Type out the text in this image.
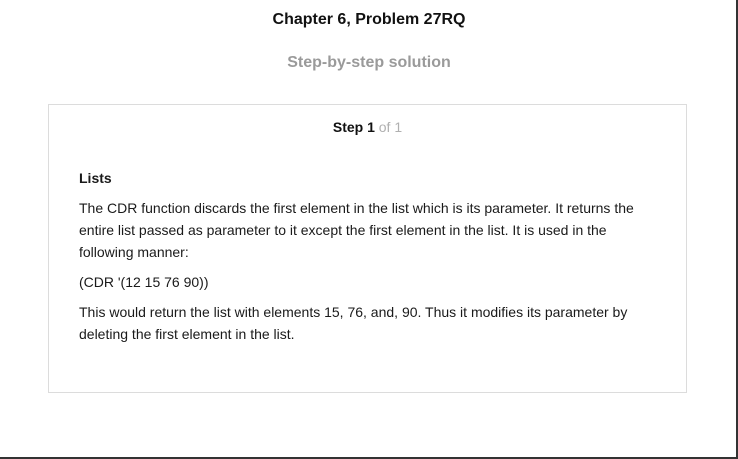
Chapter 6, Problem 27RQ
Step-by-step solution
Step 1 of 1
Lists

The CDR function discards the first element in the list which is its parameter. It returns the entire list passed as parameter to it except the first element in the list. It is used in the following manner:

(CDR '(12 15 76 90))

This would return the list with elements 15, 76, and, 90. Thus it modifies its parameter by deleting the first element in the list.
